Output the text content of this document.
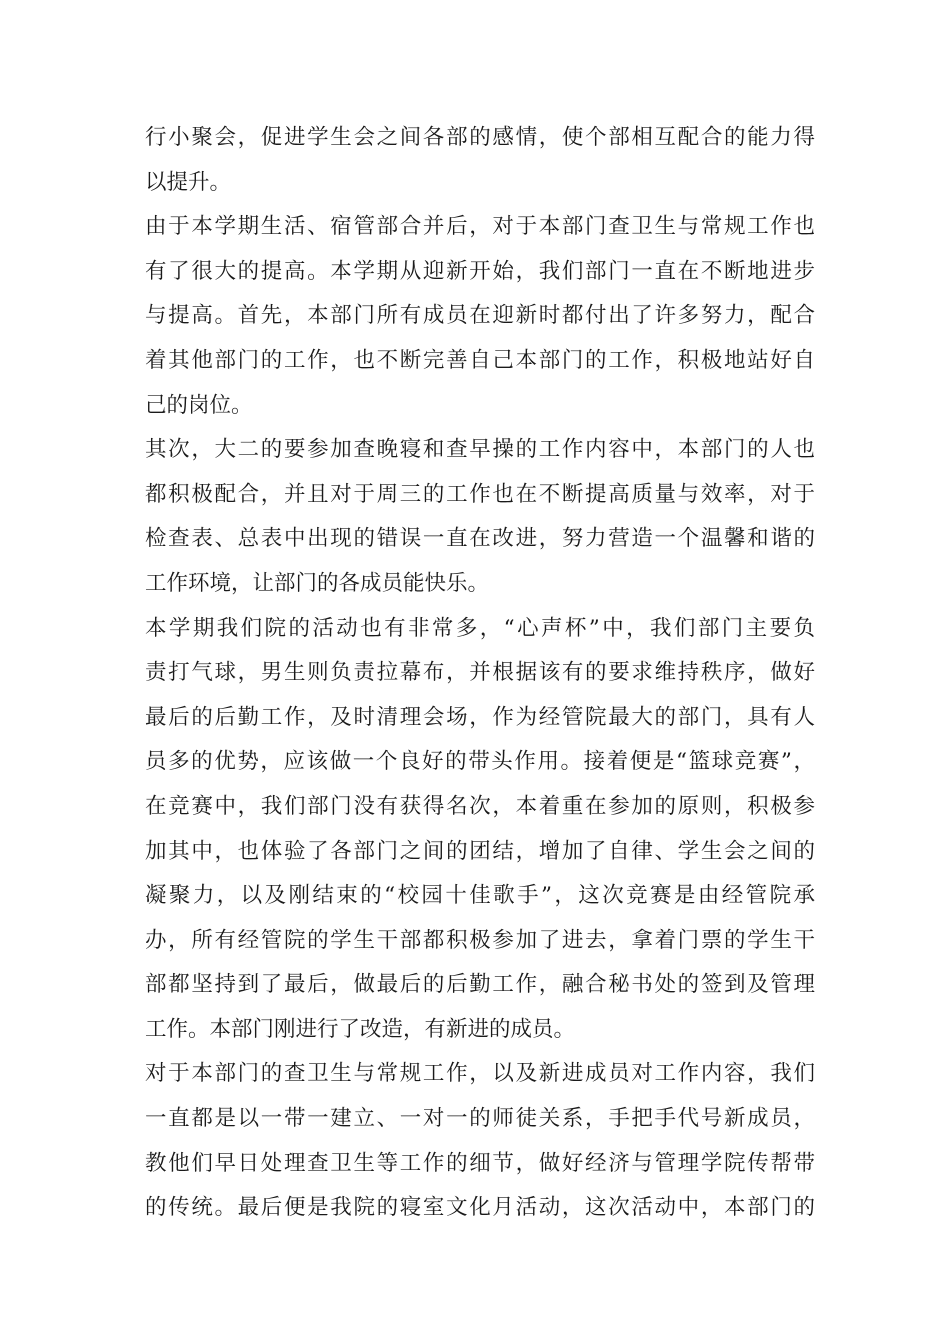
行小聚会，促进学生会之间各部的感情，使个部相互配合的能力得
以提升。
由于本学期生活、宿管部合并后，对于本部门查卫生与常规工作也
有了很大的提高。本学期从迎新开始，我们部门一直在不断地进步
与提高。首先，本部门所有成员在迎新时都付出了许多努力，配合
着其他部门的工作，也不断完善自己本部门的工作，积极地站好自
己的岗位。
其次，大二的要参加查晚寝和查早操的工作内容中，本部门的人也
都积极配合，并且对于周三的工作也在不断提高质量与效率，对于
检查表、总表中出现的错误一直在改进，努力营造一个温馨和谐的
工作环境，让部门的各成员能快乐。
本学期我们院的活动也有非常多，“心声杯”中，我们部门主要负
责打气球，男生则负责拉幕布，并根据该有的要求维持秩序，做好
最后的后勤工作，及时清理会场，作为经管院最大的部门，具有人
员多的优势，应该做一个良好的带头作用。接着便是“篮球竞赛”，
在竞赛中，我们部门没有获得名次，本着重在参加的原则，积极参
加其中，也体验了各部门之间的团结，增加了自律、学生会之间的
凝聚力，以及刚结束的“校园十佳歌手”，这次竞赛是由经管院承
办，所有经管院的学生干部都积极参加了进去，拿着门票的学生干
部都坚持到了最后，做最后的后勤工作，融合秘书处的签到及管理
工作。本部门刚进行了改造，有新进的成员。
对于本部门的查卫生与常规工作，以及新进成员对工作内容，我们
一直都是以一带一建立、一对一的师徒关系，手把手代号新成员，
教他们早日处理查卫生等工作的细节，做好经济与管理学院传帮带
的传统。最后便是我院的寝室文化月活动，这次活动中，本部门的
